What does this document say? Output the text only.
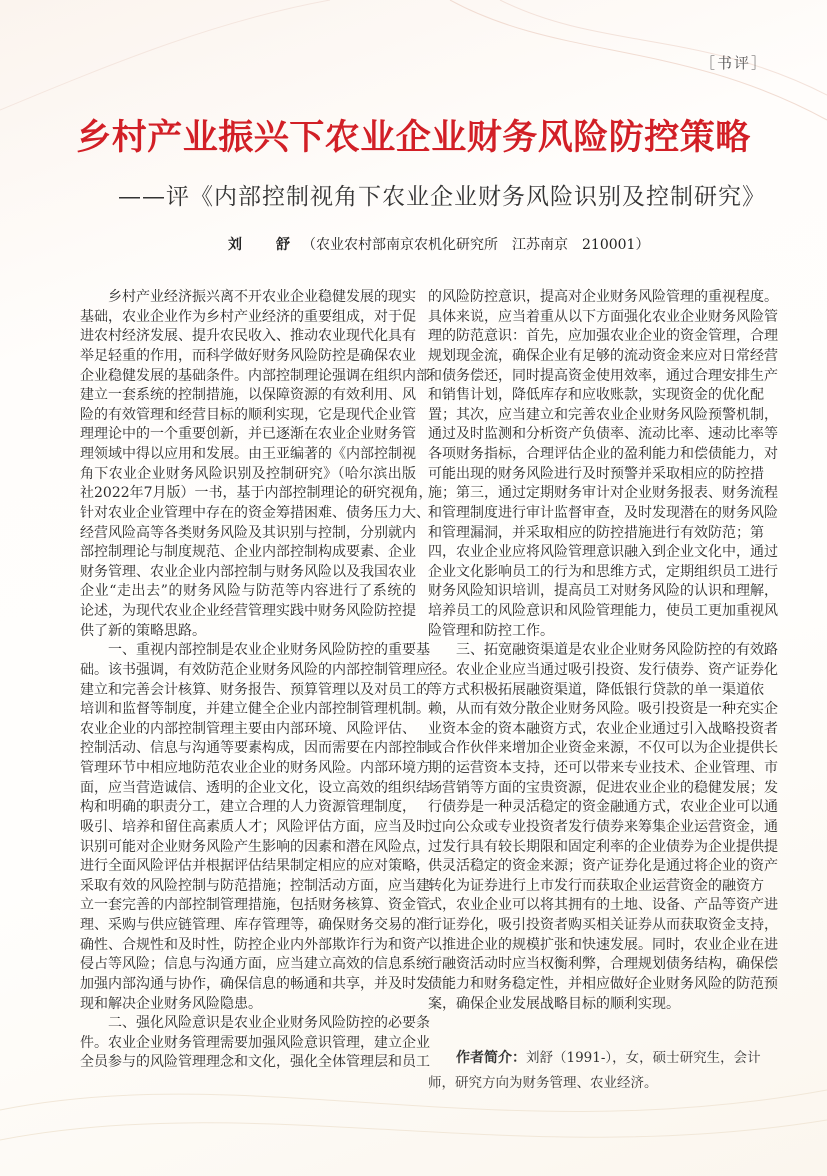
［书评］
乡村产业振兴下农业企业财务风险防控策略
——评《内部控制视角下农业企业财务风险识别及控制研究》
刘　舒 （农业农村部南京农机化研究所　江苏南京　210001）
乡村产业经济振兴离不开农业企业稳健发展的现实
基础，农业企业作为乡村产业经济的重要组成，对于促
进农村经济发展、提升农民收入、推动农业现代化具有
举足轻重的作用，而科学做好财务风险防控是确保农业
企业稳健发展的基础条件。内部控制理论强调在组织内部
建立一套系统的控制措施，以保障资源的有效利用、风
险的有效管理和经营目标的顺利实现，它是现代企业管
理理论中的一个重要创新，并已逐渐在农业企业财务管
理领域中得以应用和发展。由王亚编著的《内部控制视
角下农业企业财务风险识别及控制研究》（哈尔滨出版
社2022年7月版）一书，基于内部控制理论的研究视角，
针对农业企业管理中存在的资金筹措困难、债务压力大、
经营风险高等各类财务风险及其识别与控制，分别就内
部控制理论与制度规范、企业内部控制构成要素、企业
财务管理、农业企业内部控制与财务风险以及我国农业
企业“走出去”的财务风险与防范等内容进行了系统的
论述，为现代农业企业经营管理实践中财务风险防控提
供了新的策略思路。
一、重视内部控制是农业企业财务风险防控的重要基
础。该书强调，有效防范企业财务风险的内部控制管理应
建立和完善会计核算、财务报告、预算管理以及对员工的
培训和监督等制度，并建立健全企业内部控制管理机制。
农业企业的内部控制管理主要由内部环境、风险评估、
控制活动、信息与沟通等要素构成，因而需要在内部控制
管理环节中相应地防范农业企业的财务风险。内部环境方
面，应当营造诚信、透明的企业文化，设立高效的组织结
构和明确的职责分工，建立合理的人力资源管理制度，
吸引、培养和留住高素质人才；风险评估方面，应当及时
识别可能对企业财务风险产生影响的因素和潜在风险点，
进行全面风险评估并根据评估结果制定相应的应对策略，
采取有效的风险控制与防范措施；控制活动方面，应当建
立一套完善的内部控制管理措施，包括财务核算、资金管
理、采购与供应链管理、库存管理等，确保财务交易的准
确性、合规性和及时性，防控企业内外部欺诈行为和资产
侵占等风险；信息与沟通方面，应当建立高效的信息系统
加强内部沟通与协作，确保信息的畅通和共享，并及时发
现和解决企业财务风险隐患。
二、强化风险意识是农业企业财务风险防控的必要条
件。农业企业财务管理需要加强风险意识管理，建立企业
全员参与的风险管理理念和文化，强化全体管理层和员工
的风险防控意识，提高对企业财务风险管理的重视程度。
具体来说，应当着重从以下方面强化农业企业财务风险管
理的防范意识：首先，应加强农业企业的资金管理，合理
规划现金流，确保企业有足够的流动资金来应对日常经营
和债务偿还，同时提高资金使用效率，通过合理安排生产
和销售计划，降低库存和应收账款，实现资金的优化配
置；其次，应当建立和完善农业企业财务风险预警机制，
通过及时监测和分析资产负债率、流动比率、速动比率等
各项财务指标，合理评估企业的盈利能力和偿债能力，对
可能出现的财务风险进行及时预警并采取相应的防控措
施；第三，通过定期财务审计对企业财务报表、财务流程
和管理制度进行审计监督审查，及时发现潜在的财务风险
和管理漏洞，并采取相应的防控措施进行有效防范；第
四，农业企业应将风险管理意识融入到企业文化中，通过
企业文化影响员工的行为和思维方式，定期组织员工进行
财务风险知识培训，提高员工对财务风险的认识和理解，
培养员工的风险意识和风险管理能力，使员工更加重视风
险管理和防控工作。
三、拓宽融资渠道是农业企业财务风险防控的有效路
径。农业企业应当通过吸引投资、发行债券、资产证券化
等方式积极拓展融资渠道，降低银行贷款的单一渠道依
赖，从而有效分散企业财务风险。吸引投资是一种充实企
业资本金的资本融资方式，农业企业通过引入战略投资者
或合作伙伴来增加企业资金来源，不仅可以为企业提供长
期的运营资本支持，还可以带来专业技术、企业管理、市
场营销等方面的宝贵资源，促进农业企业的稳健发展；发
行债券是一种灵活稳定的资金融通方式，农业企业可以通
过向公众或专业投资者发行债券来筹集企业运营资金，通
过发行具有较长期限和固定利率的企业债券为企业提供提
供灵活稳定的资金来源；资产证券化是通过将企业的资产
转化为证券进行上市发行而获取企业运营资金的融资方
式，农业企业可以将其拥有的土地、设备、产品等资产进
行证券化，吸引投资者购买相关证券从而获取资金支持，
以推进企业的规模扩张和快速发展。同时，农业企业在进
行融资活动时应当权衡利弊，合理规划债务结构，确保偿
债能力和财务稳定性，并相应做好企业财务风险的防范预
案，确保企业发展战略目标的顺利实现。
作者简介：刘舒（1991-），女，硕士研究生，会计师，研究方向为财务管理、农业经济。
